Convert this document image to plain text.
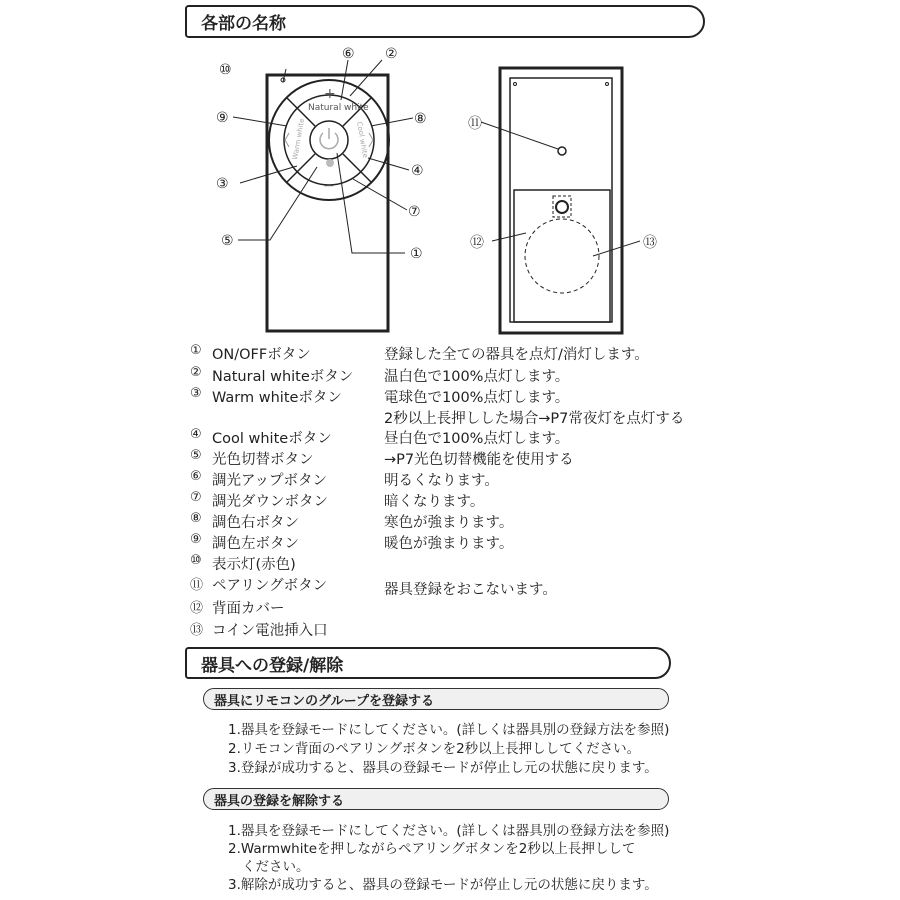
各部の名称
Natural white
+
−
Warm white	Cool white
①
②
③
④
⑤
⑥
⑦
⑧
⑨
⑩
⑪
⑫	⑬
① ON/OFFボタン	登録した全ての器具を点灯/消灯します。
② Natural whiteボタン 温白色で100%点灯します。
③ Warm whiteボタン	電球色で100%点灯します。
2秒以上長押しした場合→P7常夜灯を点灯する
④ Cool whiteボタン	昼白色で100%点灯します。
⑤ 光色切替ボタン	→P7光色切替機能を使用する
⑥ 調光アップボタン	明るくなります。
⑦ 調光ダウンボタン	暗くなります。
⑧ 調色右ボタン	寒色が強まります。
⑨ 調色左ボタン	暖色が強まります。
⑩ 表示灯(赤色)
⑪ ペアリングボタン	器具登録をおこないます。
⑫ 背面カバー
⑬ コイン電池挿入口
器具への登録/解除
器具にリモコンのグループを登録する
1.器具を登録モードにしてください。(詳しくは器具別の登録方法を参照)
2.リモコン背面のペアリングボタンを2秒以上長押ししてください。
3.登録が成功すると、器具の登録モードが停止し元の状態に戻ります。
器具の登録を解除する
1.器具を登録モードにしてください。(詳しくは器具別の登録方法を参照)
2.Warmwhiteを押しながらペアリングボタンを2秒以上長押しして
ください。
3.解除が成功すると、器具の登録モードが停止し元の状態に戻ります。
